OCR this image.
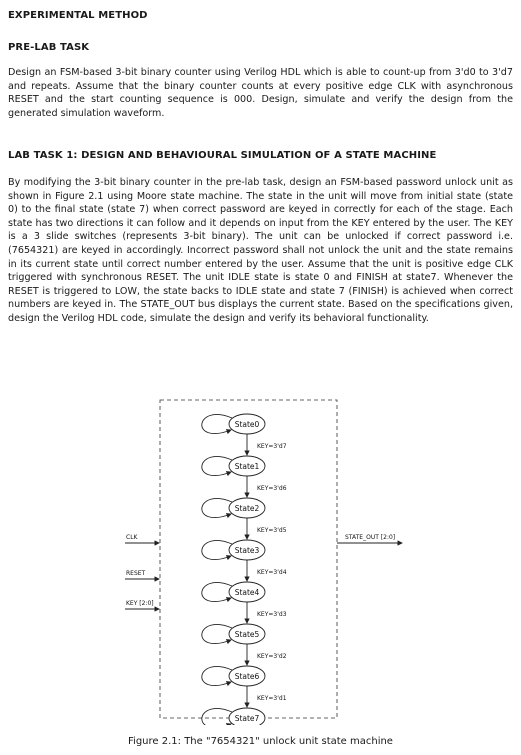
EXPERIMENTAL METHOD
PRE-LAB TASK

Design an FSM-based 3-bit binary counter using Verilog HDL which is able to count-up from 3'd0 to 3'd7 and repeats. Assume that the binary counter counts at every positive edge CLK with asynchronous RESET and the start counting sequence is 000. Design, simulate and verify the design from the generated simulation waveform.

LAB TASK 1: DESIGN AND BEHAVIOURAL SIMULATION OF A STATE MACHINE

By modifying the 3-bit binary counter in the pre-lab task, design an FSM-based password unlock unit as shown in Figure 2.1 using Moore state machine. The state in the unit will move from initial state (state 0) to the final state (state 7) when correct password are keyed in correctly for each of the stage. Each state has two directions it can follow and it depends on input from the KEY entered by the user. The KEY is a 3 slide switches (represents 3-bit binary). The unit can be unlocked if correct password i.e. (7654321) are keyed in accordingly. Incorrect password shall not unlock the unit and the state remains in its current state until correct number entered by the user. Assume that the unit is positive edge CLK triggered with synchronous RESET. The unit IDLE state is state 0 and FINISH at state7. Whenever the RESET is triggered to LOW, the state backs to IDLE state and state 7 (FINISH) is achieved when correct numbers are keyed in. The STATE_OUT bus displays the current state. Based on the specifications given, design the Verilog HDL code, simulate the design and verify its behavioral functionality.

State0
KEY=3'd7
State1
KEY=3'd6
State2
KEY=3'd5
State3
KEY=3'd4
State4
KEY=3'd3
State5
KEY=3'd2
State6
KEY=3'd1
State7
CLK
RESET
KEY [2:0]
STATE_OUT [2:0]
Figure 2.1: The "7654321" unlock unit state machine
